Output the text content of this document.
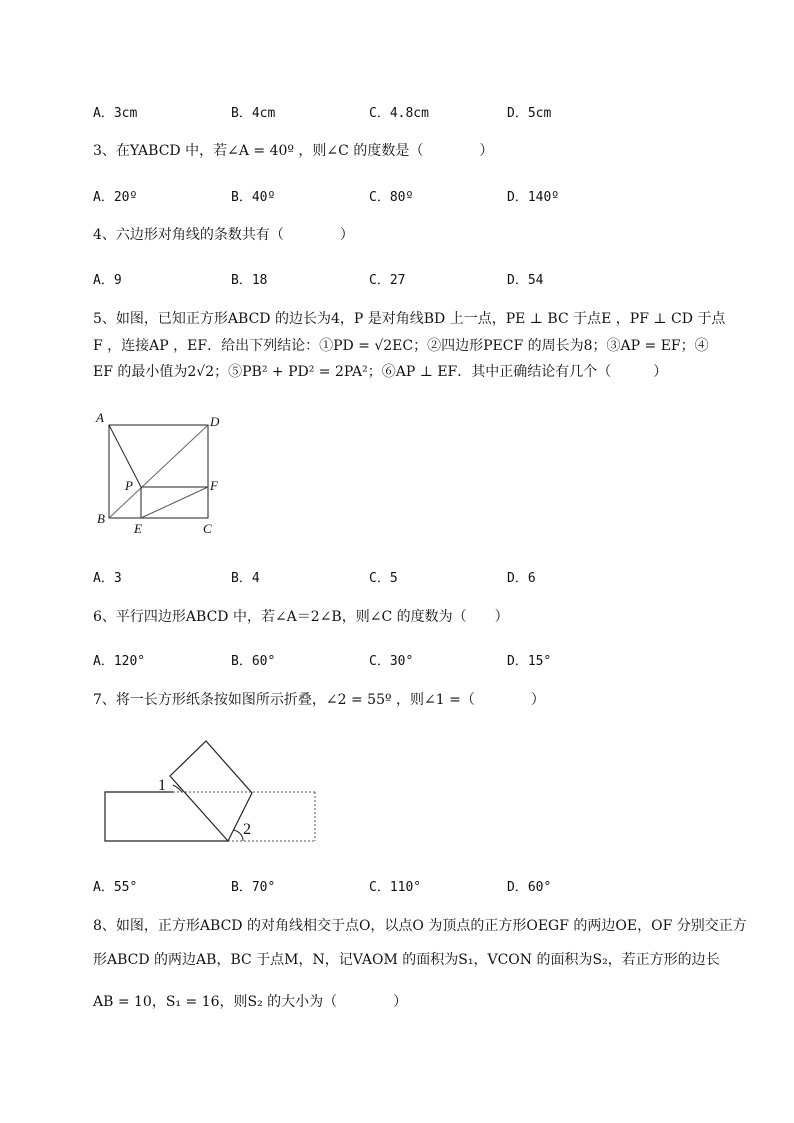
A．3cm	B．4cm	C．4.8cm	D．5cm
3、在YABCD 中，若∠A = 40º ，则∠C 的度数是（　　　　）
A．20º	B．40º	C．80º	D．140º
4、六边形对角线的条数共有（　　　　）
A．9	B．18	C．27	D．54
5、如图，已知正方形ABCD 的边长为4，P 是对角线BD 上一点，PE ⊥ BC 于点E ，PF ⊥ CD 于点
F ，连接AP ，EF．给出下列结论：①PD = √2EC；②四边形PECF 的周长为8；③AP = EF；④
EF 的最小值为2√2；⑤PB² + PD² = 2PA²；⑥AP ⊥ EF．其中正确结论有几个（　　　）
A	D
P	F
B
E	C
A．3	B．4	C．5	D．6
6、平行四边形ABCD 中，若∠A＝2∠B，则∠C 的度数为（　　）
A．120°	B．60°	C．30°	D．15°
7、将一长方形纸条按如图所示折叠，∠2 = 55º ，则∠1 =（　　　　）
1
2
A．55°	B．70°	C．110°	D．60°
8、如图，正方形ABCD 的对角线相交于点O，以点O 为顶点的正方形OEGF 的两边OE，OF 分别交正方
形ABCD 的两边AB，BC 于点M，N，记VAOM 的面积为S₁，VCON 的面积为S₂，若正方形的边长
AB = 10，S₁ = 16，则S₂ 的大小为（　　　　）
